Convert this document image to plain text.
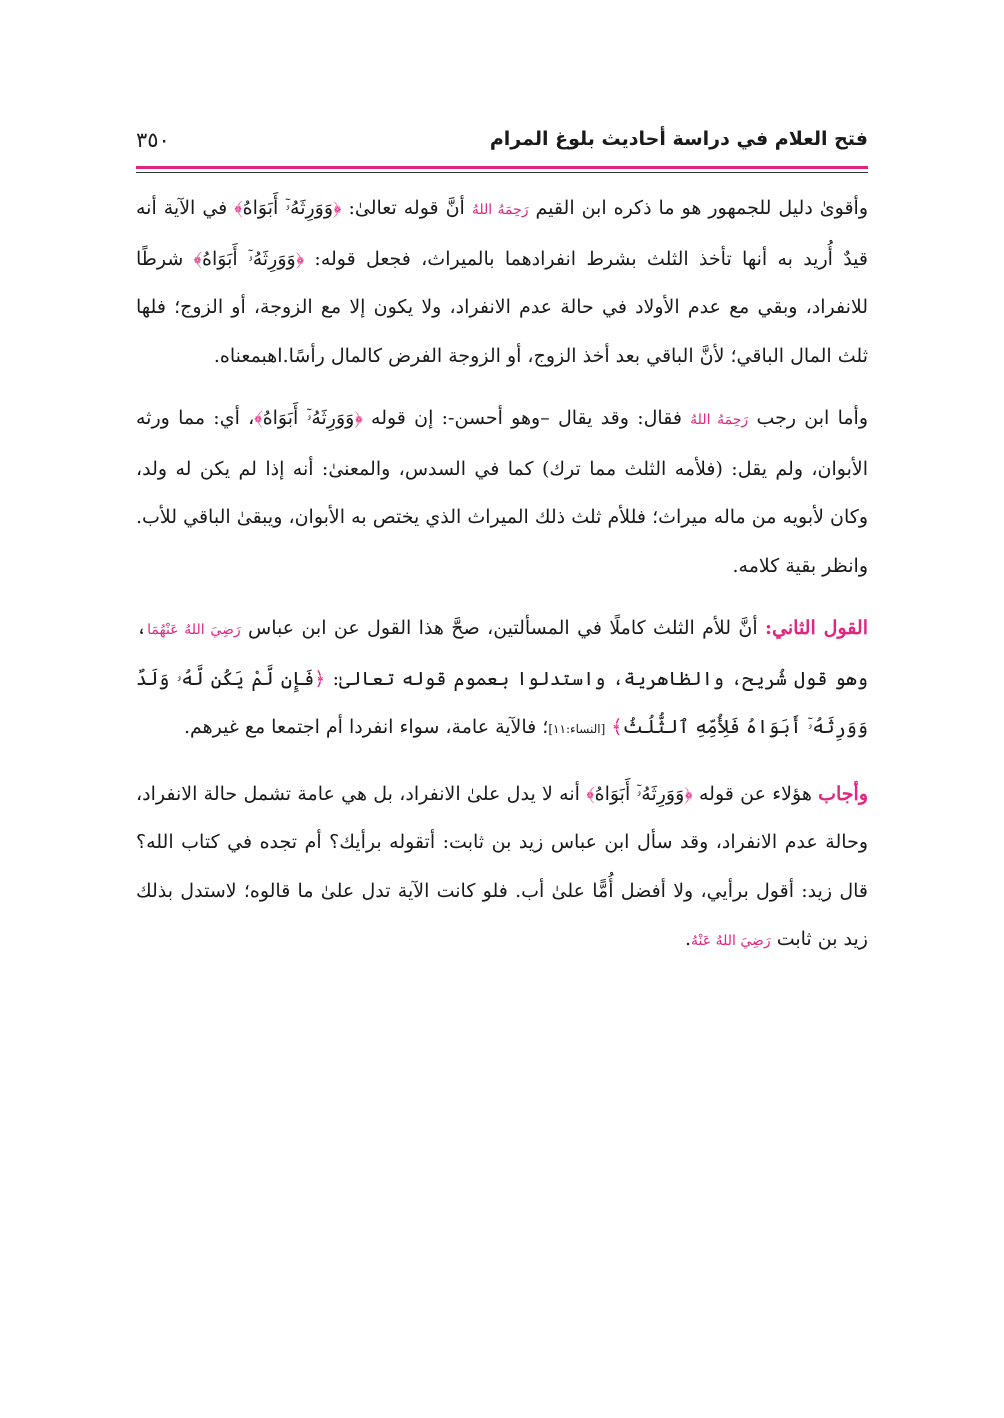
فتح العلام في دراسة أحاديث بلوغ المرام
٣٥٠

وأقوىٰ دليل للجمهور هو ما ذكره ابن القيم رَحِمَهُ اللهُ أنَّ قوله تعالىٰ: ﴿وَوَرِثَهُۥٓ أَبَوَاهُ﴾ في الآية أنه قيدٌ أُريد به أنها تأخذ الثلث بشرط انفرادهما بالميراث، فجعل قوله: ﴿وَوَرِثَهُۥٓ أَبَوَاهُ﴾ شرطًا للانفراد، وبقي مع عدم الأولاد في حالة عدم الانفراد، ولا يكون إلا مع الزوجة، أو الزوج؛ فلها ثلث المال الباقي؛ لأنَّ الباقي بعد أخذ الزوج، أو الزوجة الفرض كالمال رأسًا.اهبمعناه.

وأما ابن رجب رَحِمَهُ اللهُ فقال: وقد يقال –وهو أحسن-: إن قوله ﴿وَوَرِثَهُۥٓ أَبَوَاهُ﴾، أي: مما ورثه الأبوان، ولم يقل: (فلأمه الثلث مما ترك) كما في السدس، والمعنىٰ: أنه إذا لم يكن له ولد، وكان لأبويه من ماله ميراث؛ فللأم ثلث ذلك الميراث الذي يختص به الأبوان، ويبقىٰ الباقي للأب. وانظر بقية كلامه.

القول الثاني: أنَّ للأم الثلث كاملًا في المسألتين، صحَّ هذا القول عن ابن عباس رَضِيَ اللهُ عَنْهُمَا، وهو قول شُريح، والظاهرية، واستدلوا بعموم قوله تعالىٰ: ﴿فَإِن لَّمْ يَكُن لَّهُۥ وَلَدٌ وَوَرِثَهُۥٓ أَبَوَاهُ فَلِأُمِّهِ ٱلثُّلُثُ﴾ [النساء:١١]؛ فالآية عامة، سواء انفردا أم اجتمعا مع غيرهم.

وأجاب هؤلاء عن قوله ﴿وَوَرِثَهُۥٓ أَبَوَاهُ﴾ أنه لا يدل علىٰ الانفراد، بل هي عامة تشمل حالة الانفراد، وحالة عدم الانفراد، وقد سأل ابن عباس زيد بن ثابت: أتقوله برأيك؟ أم تجده في كتاب الله؟ قال زيد: أقول برأيي، ولا أفضل أُمًّا علىٰ أب. فلو كانت الآية تدل علىٰ ما قالوه؛ لاستدل بذلك زيد بن ثابت رَضِيَ اللهُ عَنْهُ.
